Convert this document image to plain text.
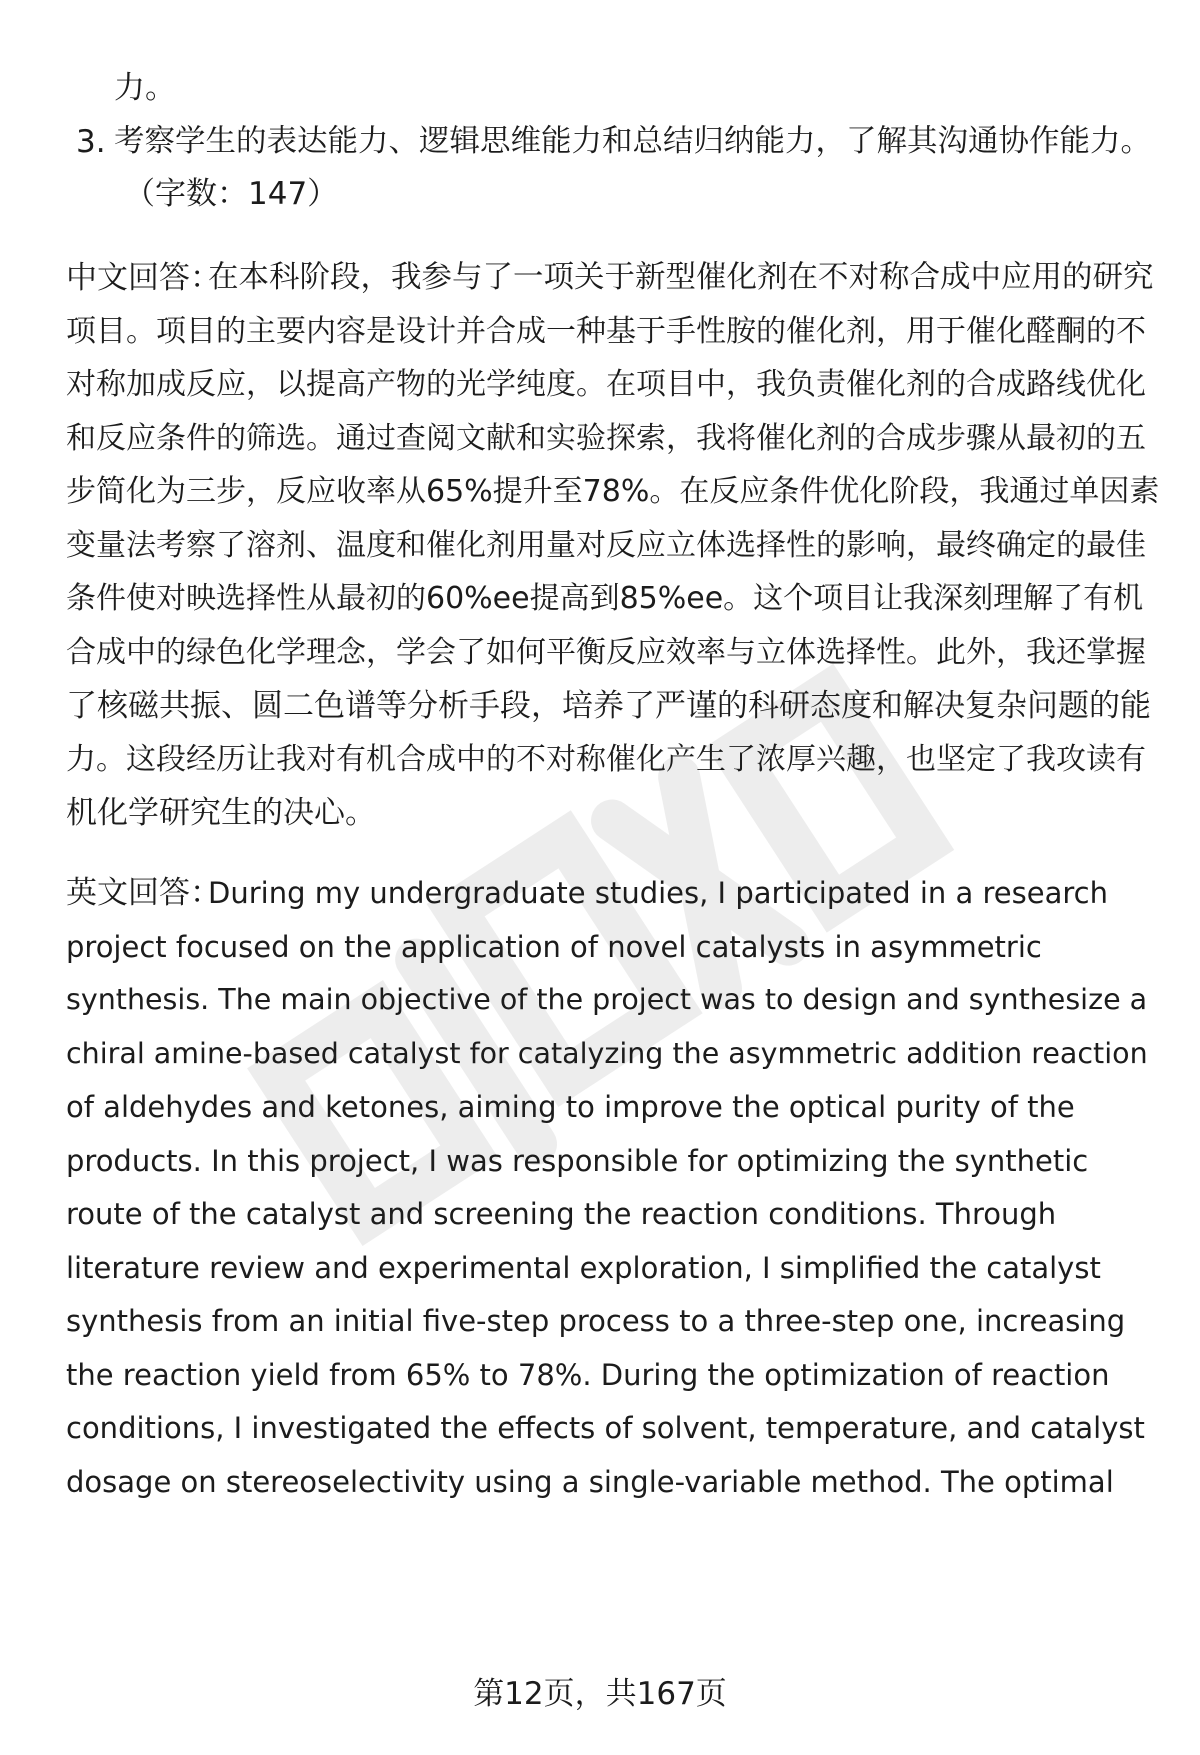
力。
3. 考察学生的表达能力、逻辑思维能力和总结归纳能力，了解其沟通协作能力。
（字数：147）
中文回答：
在本科阶段，我参与了一项关于新型催化剂在不对称合成中应用的研究
项目。项目的主要内容是设计并合成一种基于手性胺的催化剂，用于催化醛酮的不
对称加成反应，以提高产物的光学纯度。在项目中，我负责催化剂的合成路线优化
和反应条件的筛选。通过查阅文献和实验探索，我将催化剂的合成步骤从最初的五
步简化为三步，反应收率从65%提升至78%。在反应条件优化阶段，我通过单因素
变量法考察了溶剂、温度和催化剂用量对反应立体选择性的影响，最终确定的最佳
条件使对映选择性从最初的60%ee提高到85%ee。这个项目让我深刻理解了有机
合成中的绿色化学理念，学会了如何平衡反应效率与立体选择性。此外，我还掌握
了核磁共振、圆二色谱等分析手段，培养了严谨的科研态度和解决复杂问题的能
力。这段经历让我对有机合成中的不对称催化产生了浓厚兴趣，也坚定了我攻读有
机化学研究生的决心。
英文回答：
During my undergraduate studies, I participated in a research
project focused on the application of novel catalysts in asymmetric
synthesis. The main objective of the project was to design and synthesize a
chiral amine-based catalyst for catalyzing the asymmetric addition reaction
of aldehydes and ketones, aiming to improve the optical purity of the
products. In this project, I was responsible for optimizing the synthetic
route of the catalyst and screening the reaction conditions. Through
literature review and experimental exploration, I simplified the catalyst
synthesis from an initial five-step process to a three-step one, increasing
the reaction yield from 65% to 78%. During the optimization of reaction
conditions, I investigated the effects of solvent, temperature, and catalyst
dosage on stereoselectivity using a single-variable method. The optimal
第12页，共167页
